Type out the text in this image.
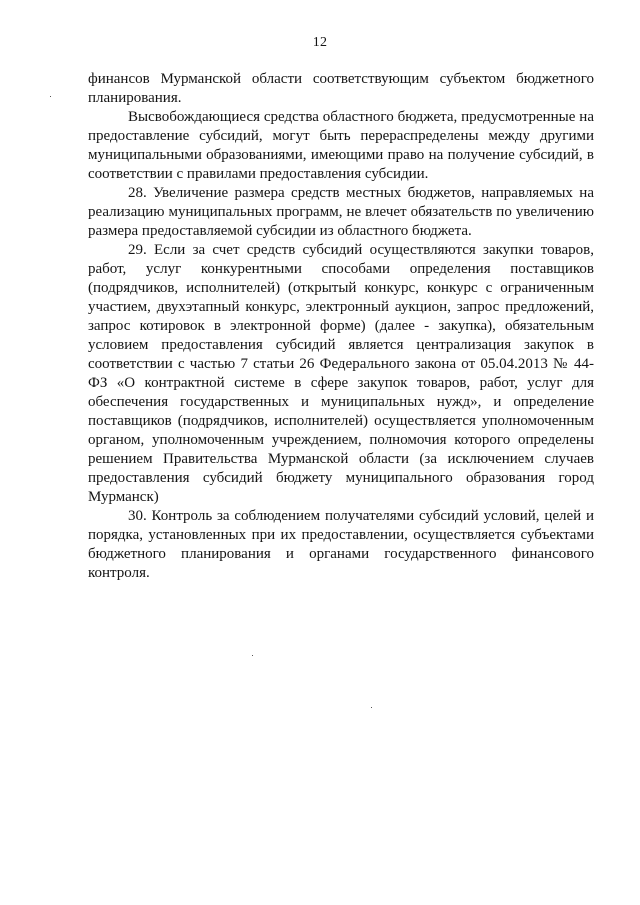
12

финансов Мурманской области соответствующим субъектом бюджетного планирования.

Высвобождающиеся средства областного бюджета, предусмотренные на предоставление субсидий, могут быть перераспределены между другими муниципальными образованиями, имеющими право на получение субсидий, в соответствии с правилами предоставления субсидии.

28. Увеличение размера средств местных бюджетов, направляемых на реализацию муниципальных программ, не влечет обязательств по увеличению размера предоставляемой субсидии из областного бюджета.

29. Если за счет средств субсидий осуществляются закупки товаров, работ, услуг конкурентными способами определения поставщиков (подрядчиков, исполнителей) (открытый конкурс, конкурс с ограниченным участием, двухэтапный конкурс, электронный аукцион, запрос предложений, запрос котировок в электронной форме) (далее - закупка), обязательным условием предоставления субсидий является централизация закупок в соответствии с частью 7 статьи 26 Федерального закона от 05.04.2013 № 44-ФЗ «О контрактной системе в сфере закупок товаров, работ, услуг для обеспечения государственных и муниципальных нужд», и определение поставщиков (подрядчиков, исполнителей) осуществляется уполномоченным органом, уполномоченным учреждением, полномочия которого определены решением Правительства Мурманской области (за исключением случаев предоставления субсидий бюджету муниципального образования город Мурманск)

30. Контроль за соблюдением получателями субсидий условий, целей и порядка, установленных при их предоставлении, осуществляется субъектами бюджетного планирования и органами государственного финансового контроля.
